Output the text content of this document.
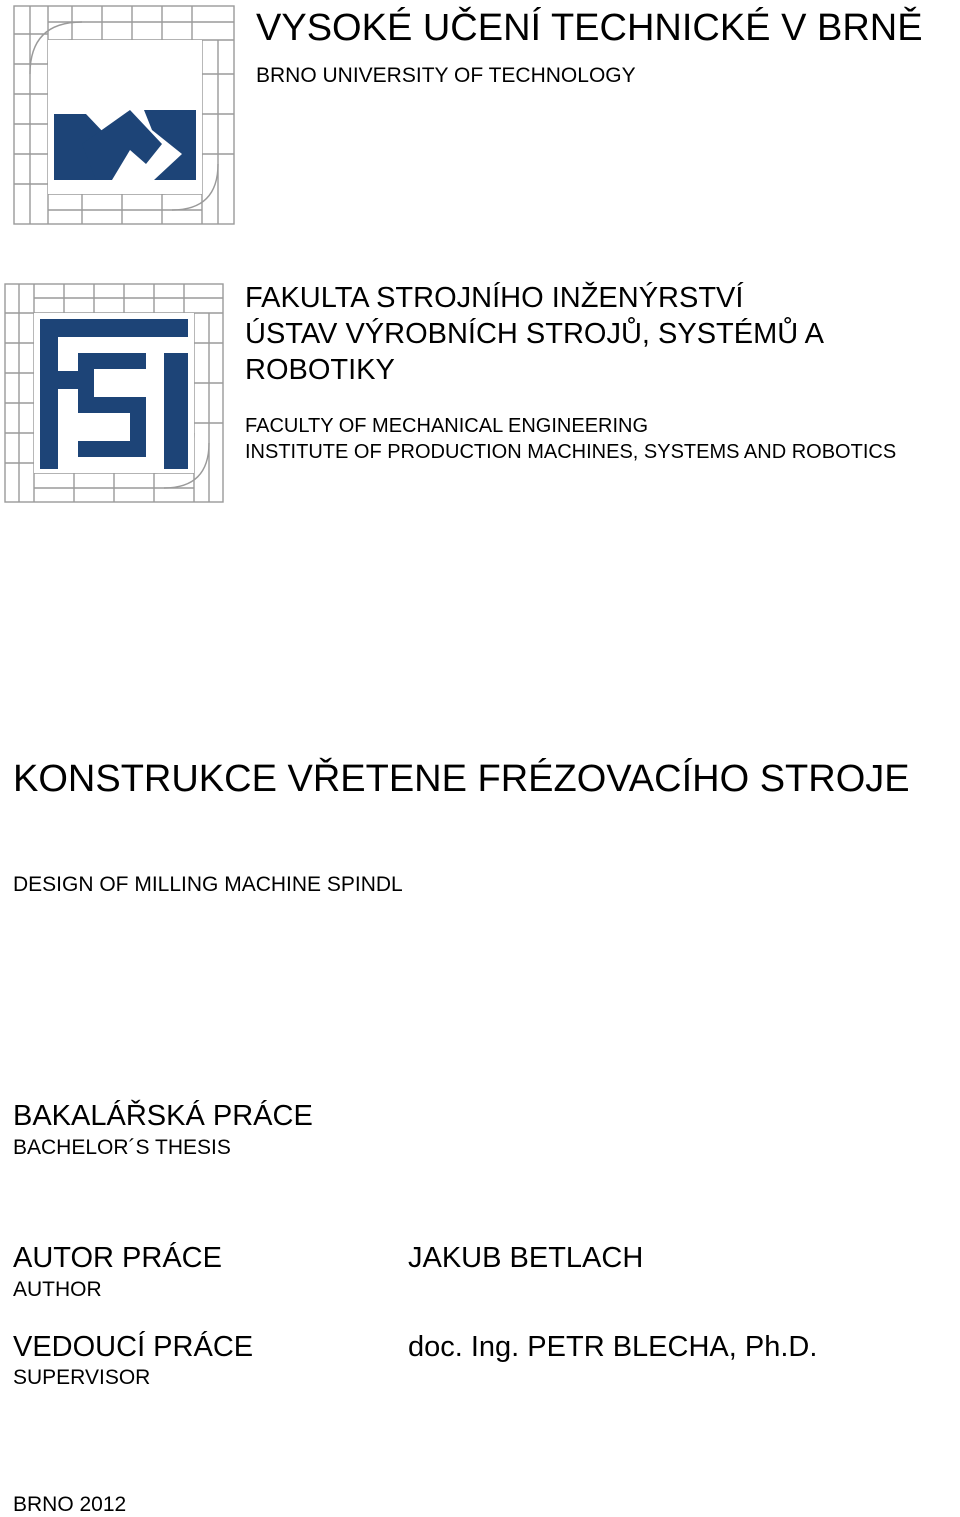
VYSOKÉ UČENÍ TECHNICKÉ V BRNĚ
BRNO UNIVERSITY OF TECHNOLOGY
FAKULTA STROJNÍHO INŽENÝRSTVÍ
ÚSTAV VÝROBNÍCH STROJŮ, SYSTÉMŮ A ROBOTIKY
FACULTY OF MECHANICAL ENGINEERING
INSTITUTE OF PRODUCTION MACHINES, SYSTEMS AND ROBOTICS
KONSTRUKCE VŘETENE FRÉZOVACÍHO STROJE
DESIGN OF MILLING MACHINE SPINDL
BAKALÁŘSKÁ PRÁCE
BACHELOR´S THESIS
AUTOR PRÁCE
AUTHOR
JAKUB BETLACH
VEDOUCÍ PRÁCE
SUPERVISOR
doc. Ing. PETR BLECHA, Ph.D.
BRNO 2012
